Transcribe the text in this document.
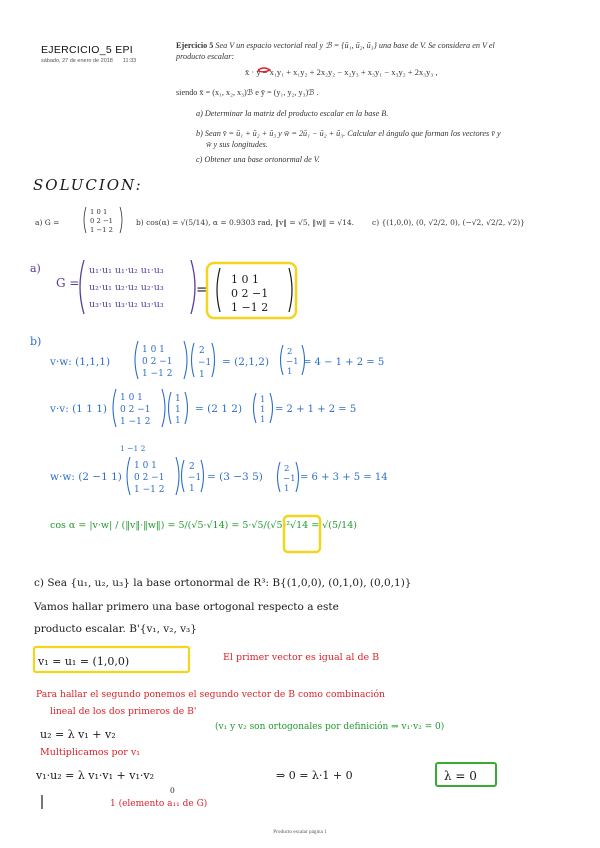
EJERCICIO_5 EPI
sábado, 27 de enero de 2018 11:33
Ejercicio 5 Sea V un espacio vectorial real y ℬ = {ū₁, ū₂, ū₃} una base de V. Se considera en V el
producto escalar:
x̄ · ȳ = x₁y₁ + x₁y₂ + 2x₂y₂ − x₂y₃ + x₃y₁ − x₃y₂ + 2x₃y₃ ,
siendo x̄ = (x₁, x₂, x₃)ℬ e ȳ = (y₁, y₂, y₃)ℬ .
a) Determinar la matriz del producto escalar en la base B.
b) Sean v̄ = ū₁ + ū₂ + ū₃ y w̄ = 2ū₁ − ū₂ + ū₃. Calcular el ángulo que forman los vectores v̄ y
w̄ y sus longitudes.
c) Obtener una base ortonormal de V.
SOLUCION:
a) G =
1 0 1
0 2 −1
1 −1 2
b) cos(α) = √(5/14), α = 0.9303 rad, ‖v‖ = √5, ‖w‖ = √14. c) {(1,0,0), (0, √2/2, 0), (−√2, √2/2, √2)}
a)
G =
u₁·u₁ u₁·u₂ u₁·u₃
u₂·u₁ u₂·u₂ u₂·u₃
u₃·u₁ u₃·u₂ u₃·u₃
=
1 0 1
0 2 −1
1 −1 2
b)
v·w: (1,1,1)
1 0 1
0 2 −1
1 −1 2
2
−1
1
= (2,1,2)
2
−1
1
= 4 − 1 + 2 = 5
v·v: (1 1 1)
1 0 1
0 2 −1
1 −1 2
1
1
1
= (2 1 2)
1
1
1
= 2 + 1 + 2 = 5
1 −1 2
w·w: (2 −1 1)
1 0 1
0 2 −1
1 −1 2
2
−1
1
= (3 −3 5)
2
−1
1
= 6 + 3 + 5 = 14
cos α = |v·w| / (‖v‖·‖w‖) = 5/(√5·√14) = 5·√5/(√5)²√14 = √(5/14)
c) Sea {u₁, u₂, u₃} la base ortonormal de R³: B{(1,0,0), (0,1,0), (0,0,1)}
Vamos hallar primero una base ortogonal respecto a este
producto escalar. B'{v₁, v₂, v₃}
v₁ = u₁ = (1,0,0)	El primer vector es igual al de B
Para hallar el segundo ponemos el segundo vector de B como combinación
lineal de los dos primeros de B'
u₂ = λ v₁ + v₂
(v₁ y v₂ son ortogonales por definición ⇒ v₁·v₂ = 0)
Multiplicamos por v₁
v₁·u₂ = λ v₁·v₁ + v₁·v₂	⇒ 0 = λ·1 + 0	λ = 0
0
1 (elemento a₁₁ de G)
Producto escalar página 1
